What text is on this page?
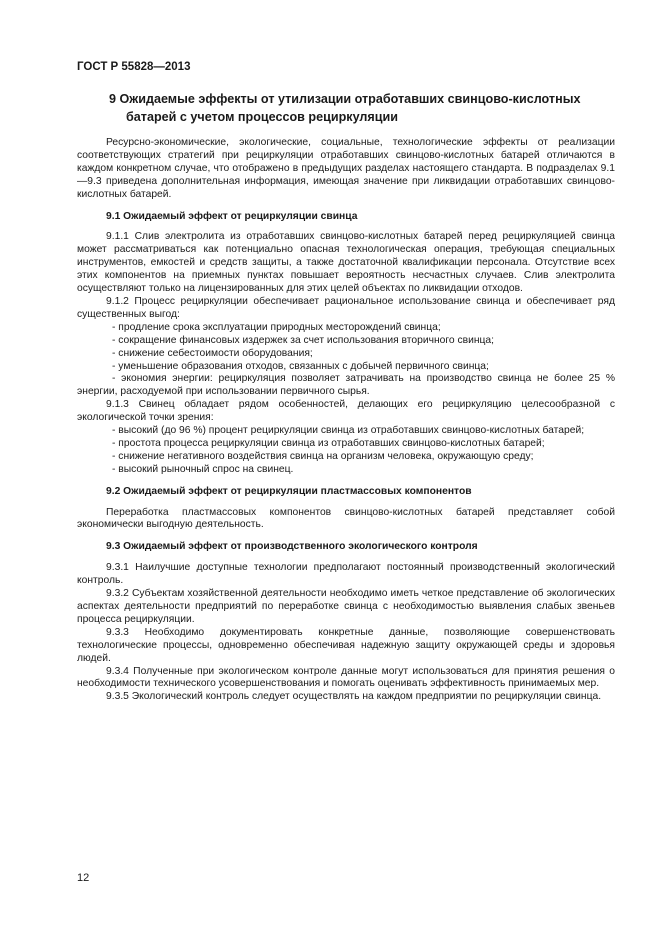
ГОСТ Р 55828—2013
9 Ожидаемые эффекты от утилизации отработавших свинцово-кислотных батарей с учетом процессов рециркуляции

Ресурсно-экономические, экологические, социальные, технологические эффекты от реализации соответствующих стратегий при рециркуляции отработавших свинцово-кислотных батарей отличаются в каждом конкретном случае, что отображено в предыдущих разделах настоящего стандарта. В подразделах 9.1—9.3 приведена дополнительная информация, имеющая значение при ликвидации отработавших свинцово-кислотных батарей.

9.1 Ожидаемый эффект от рециркуляции свинца

9.1.1 Слив электролита из отработавших свинцово-кислотных батарей перед рециркуляцией свинца может рассматриваться как потенциально опасная технологическая операция, требующая специальных инструментов, емкостей и средств защиты, а также достаточной квалификации персонала. Отсутствие всех этих компонентов на приемных пунктах повышает вероятность несчастных случаев. Слив электролита осуществляют только на лицензированных для этих целей объектах по ликвидации отходов.

9.1.2 Процесс рециркуляции обеспечивает рациональное использование свинца и обеспечивает ряд существенных выгод:

- продление срока эксплуатации природных месторождений свинца;
- сокращение финансовых издержек за счет использования вторичного свинца;
- снижение себестоимости оборудования;
- уменьшение образования отходов, связанных с добычей первичного свинца;
- экономия энергии: рециркуляция позволяет затрачивать на производство свинца не более 25 % энергии, расходуемой при использовании первичного сырья.

9.1.3 Свинец обладает рядом особенностей, делающих его рециркуляцию целесообразной с экологической точки зрения:

- высокий (до 96 %) процент рециркуляции свинца из отработавших свинцово-кислотных батарей;
- простота процесса рециркуляции свинца из отработавших свинцово-кислотных батарей;
- снижение негативного воздействия свинца на организм человека, окружающую среду;
- высокий рыночный спрос на свинец.
9.2 Ожидаемый эффект от рециркуляции пластмассовых компонентов

Переработка пластмассовых компонентов свинцово-кислотных батарей представляет собой экономически выгодную деятельность.

9.3 Ожидаемый эффект от производственного экологического контроля

9.3.1 Наилучшие доступные технологии предполагают постоянный производственный экологический контроль.

9.3.2 Субъектам хозяйственной деятельности необходимо иметь четкое представление об экологических аспектах деятельности предприятий по переработке свинца с необходимостью выявления слабых звеньев процесса рециркуляции.

9.3.3 Необходимо документировать конкретные данные, позволяющие совершенствовать технологические процессы, одновременно обеспечивая надежную защиту окружающей среды и здоровья людей.

9.3.4 Полученные при экологическом контроле данные могут использоваться для принятия решения о необходимости технического усовершенствования и помогать оценивать эффективность принимаемых мер.

9.3.5 Экологический контроль следует осуществлять на каждом предприятии по рециркуляции свинца.

12
